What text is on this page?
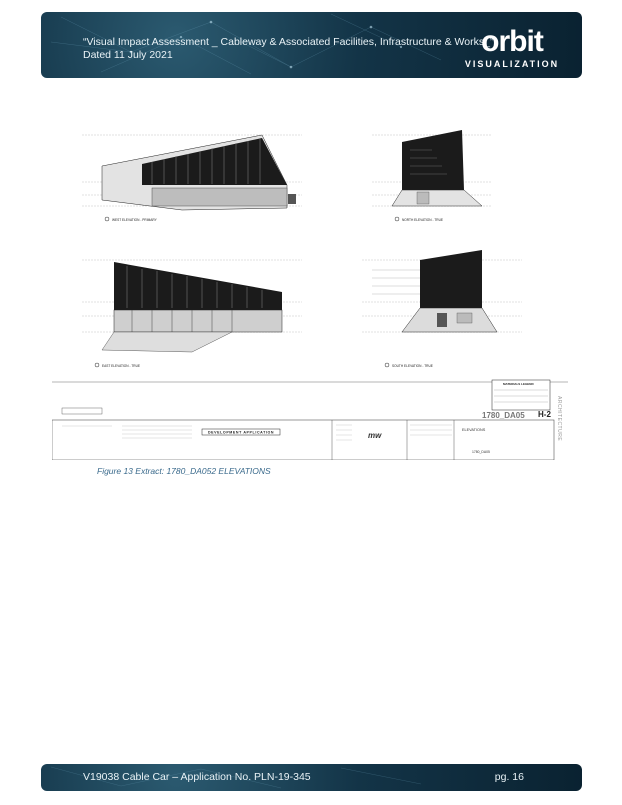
“Visual Impact Assessment _ Cableway & Associated Facilities, Infrastructure & Works_”
Dated 11 July 2021	orbit
VISUALIZATION
WEST ELEVATION - PRIMARY	NORTH ELEVATION - TRUE
EAST ELEVATION - TRUE	SOUTH ELEVATION - TRUE
MATERIALS LEGEND
DEVELOPMENT APPLICATION	mw
1780_DA05 H-2
ELEVATIONS
1780_DA05
ARCHITECTURE
Figure 13 Extract: 1780_DA052 ELEVATIONS
V19038 Cable Car – Application No. PLN-19-345	pg. 16
